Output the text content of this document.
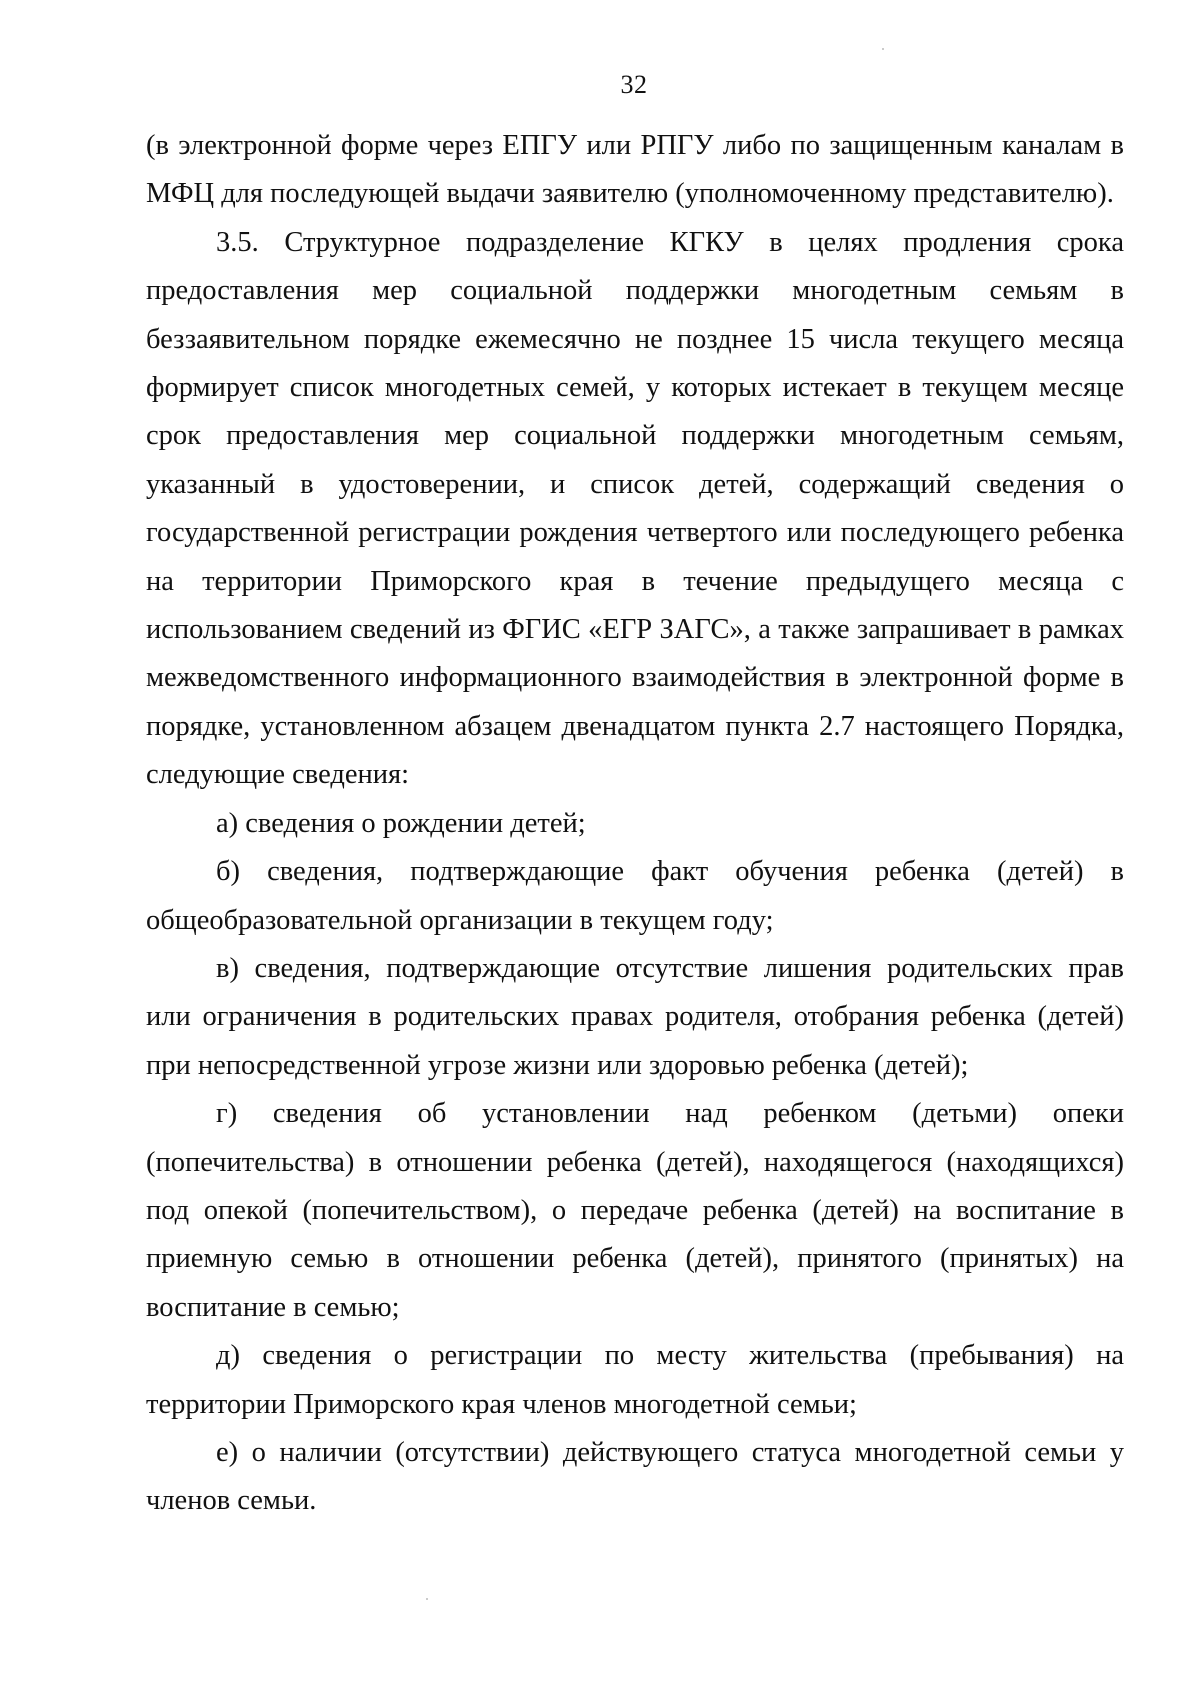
32

(в электронной форме через ЕПГУ или РПГУ либо по защищенным каналам в МФЦ для последующей выдачи заявителю (уполномоченному представителю).

3.5. Структурное подразделение КГКУ в целях продления срока предоставления мер социальной поддержки многодетным семьям в беззаявительном порядке ежемесячно не позднее 15 числа текущего месяца формирует список многодетных семей, у которых истекает в текущем месяце срок предоставления мер социальной поддержки многодетным семьям, указанный в удостоверении, и список детей, содержащий сведения о государственной регистрации рождения четвертого или последующего ребенка на территории Приморского края в течение предыдущего месяца с использованием сведений из ФГИС «ЕГР ЗАГС», а также запрашивает в рамках межведомственного информационного взаимодействия в электронной форме в порядке, установленном абзацем двенадцатом пункта 2.7 настоящего Порядка, следующие сведения:

а) сведения о рождении детей;

б) сведения, подтверждающие факт обучения ребенка (детей) в общеобразовательной организации в текущем году;

в) сведения, подтверждающие отсутствие лишения родительских прав или ограничения в родительских правах родителя, отобрания ребенка (детей) при непосредственной угрозе жизни или здоровью ребенка (детей);

г) сведения об установлении над ребенком (детьми) опеки (попечительства) в отношении ребенка (детей), находящегося (находящихся) под опекой (попечительством), о передаче ребенка (детей) на воспитание в приемную семью в отношении ребенка (детей), принятого (принятых) на воспитание в семью;

д) сведения о регистрации по месту жительства (пребывания) на территории Приморского края членов многодетной семьи;

е) о наличии (отсутствии) действующего статуса многодетной семьи у членов семьи.
